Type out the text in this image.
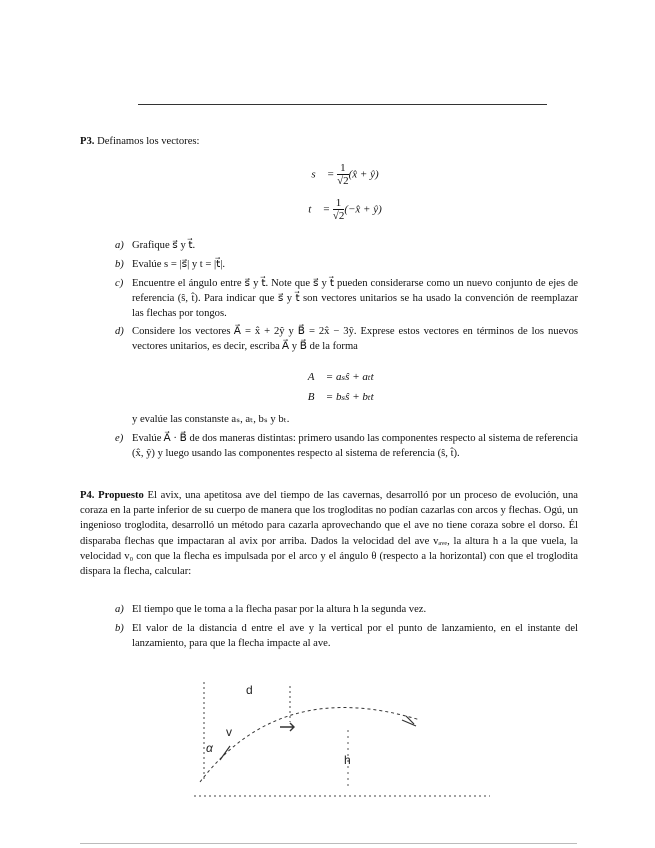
P3. Definamos los vectores:
s⃗ = $\frac{1}{√2}$ (x̂ + ŷ)
t⃗ = $\frac{1}{√2}$ (−x̂ + ŷ)
a) Grafique s⃗ y t⃗.
b) Evalúe s = |s⃗| y t = |t⃗|.
c) Encuentre el ángulo entre s⃗ y t⃗. Note que s⃗ y t⃗ pueden considerarse como un nuevo conjunto de ejes de referencia (ŝ, t̂). Para indicar que s⃗ y t⃗ son vectores unitarios se ha usado la convención de reemplazar las flechas por tongos.
d) Considere los vectores A⃗ = x̂ + 2ŷ y B⃗ = 2x̂ − 3ŷ. Exprese estos vectores en términos de los nuevos vectores unitarios, es decir, escriba A⃗ y B⃗ de la forma
A⃗ = aₛŝ + aₜt⃗
B⃗ = bₛŝ + bₜt⃗
y evalúe las constanste aₛ, aₜ, bₛ y bₜ.
e) Evalúe A⃗ · B⃗ de dos maneras distintas: primero usando las componentes respecto al sistema de referencia (x̂, ŷ) y luego usando las componentes respecto al sistema de referencia (ŝ, t̂).
P4. Propuesto El avix, una apetitosa ave del tiempo de las cavernas, desarrolló por un proceso de evolución, una coraza en la parte inferior de su cuerpo de manera que los trogloditas no podían cazarlas con arcos y flechas. Ogú, un ingenioso troglodita, desarrolló un método para cazarla aprovechando que el ave no tiene coraza sobre el dorso. Él disparaba flechas que impactaran al avix por arriba. Dados la velocidad del ave vₐᵥₑ, la altura h a la que vuela, la velocidad v₀ con que la flecha es impulsada por el arco y el ángulo θ (respecto a la horizontal) con que el troglodita dispara la flecha, calcular:
a) El tiempo que le toma a la flecha pasar por la altura h la segunda vez.
b) El valor de la distancia d entre el ave y la vertical por el punto de lanzamiento, en el instante del lanzamiento, para que la flecha impacte al ave.
d
v
h
α
